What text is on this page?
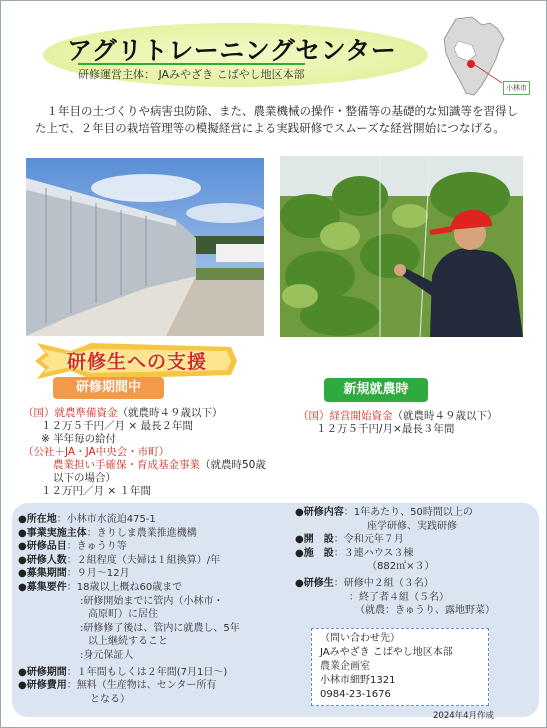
アグリトレーニングセンター
研修運営主体： JAみやざき こばやし地区本部
小林市
１年目の土づくりや病害虫防除、また、農業機械の操作・整備等の基礎的な知識等を習得した上で、２年目の栽培管理等の模擬経営による実践研修でスムーズな経営開始につなげる。
研修生への支援
研修期間中	新規就農時
（国）就農準備資金（就農時４９歳以下）
１２万５千円／月 × 最長２年間
※ 半年毎の給付
（公社＋JA・JA中央会・市町）
農業担い手確保・育成基金事業（就農時50歳以下の場合）
１２万円／月 × １年間
（国）経営開始資金（就農時４９歳以下）
１２万５千円/月×最長３年間
●所在地 ：小林市水流迫475-1
●事業実施主体 ：きりしま農業推進機構
●研修品目 ：きゅうり等
●研修人数 ：２組程度（夫婦は１組換算）/年
●募集期間 ：９月～12月
●募集要件 ：18歳以上概ね60歳まで
:研修開始までに管内（小林市・
高原町）に居住
:研修修了後は、管内に就農し、5年
以上継続すること
:身元保証人
●研修期間 ：１年間もしくは２年間(7月1日～)
●研修費用 ：無料（生産物は、センター所有
となる）
●研修内容 ：1年あたり、50時間以上の
座学研修、実践研修
●開　設 ：令和元年７月
●施　設 ：３連ハウス３棟
（882㎡×３）
●研修生 ：研修中２組（３名）
：終了者４組（５名）
（就農：きゅうり、露地野菜）
（問い合わせ先）
JAみやざき こばやし地区本部
農業企画室
小林市細野1321
0984-23-1676
2024年4月作成
